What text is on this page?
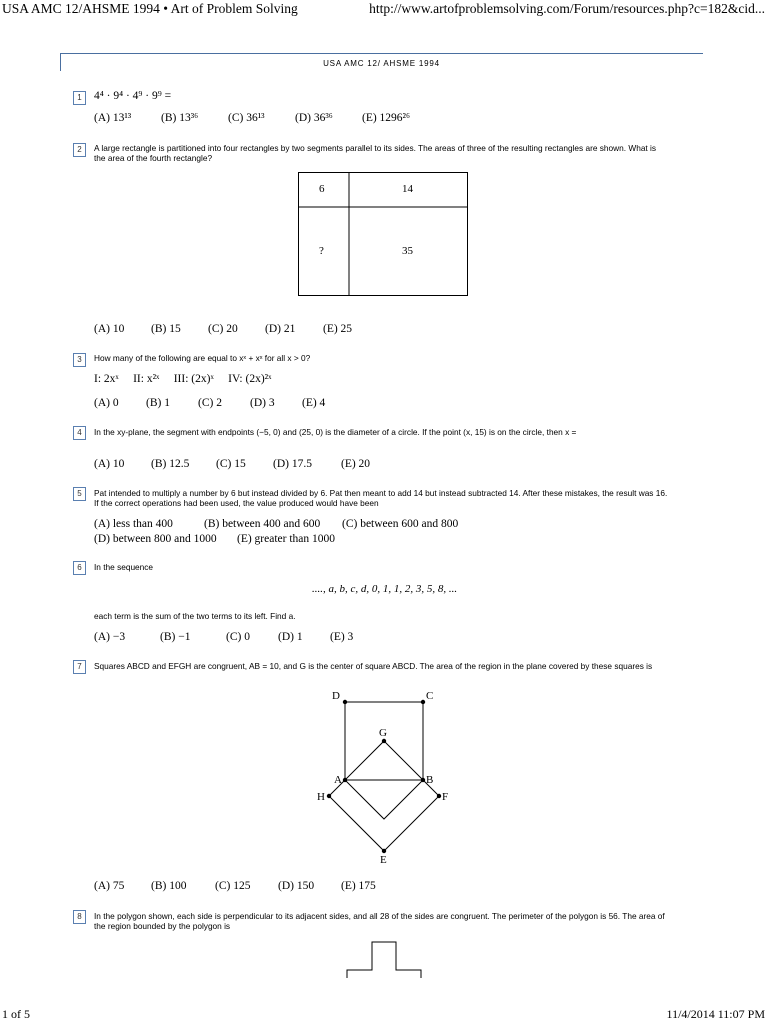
USA AMC 12/AHSME 1994 • Art of Problem Solving	http://www.artofproblemsolving.com/Forum/resources.php?c=182&cid...
USA AMC 12/ AHSME 1994
1	4⁴ · 9⁴ · 4⁹ · 9⁹ =
(A) 13¹³	(B) 13³⁶	(C) 36¹³	(D) 36³⁶	(E) 1296²⁶
2	A large rectangle is partitioned into four rectangles by two segments parallel to its sides. The areas of three of the resulting rectangles are shown. What is the area of the fourth rectangle?
6	14
?	35
(A) 10 (B) 15 (C) 20 (D) 21 (E) 25
3	How many of the following are equal to xˣ + xˣ for all x > 0?
I: 2xˣ     II: x²ˣ     III: (2x)ˣ     IV: (2x)²ˣ
(A) 0 (B) 1 (C) 2 (D) 3 (E) 4
4	In the xy-plane, the segment with endpoints (−5, 0) and (25, 0) is the diameter of a circle. If the point (x, 15) is on the circle, then x =
(A) 10 (B) 12.5 (C) 15 (D) 17.5	(E) 20
5	Pat intended to multiply a number by 6 but instead divided by 6. Pat then meant to add 14 but instead subtracted 14. After these mistakes, the result was 16. If the correct operations had been used, the value produced would have been
(A) less than 400	(B) between 400 and 600 (C) between 600 and 800
(D) between 800 and 1000 (E) greater than 1000
6	In the sequence
...., a, b, c, d, 0, 1, 1, 2, 3, 5, 8, ...
each term is the sum of the two terms to its left. Find a.
(A) −3	(B) −1	(C) 0 (D) 1 (E) 3
7	Squares ABCD and EFGH are congruent, AB = 10, and G is the center of square ABCD. The area of the region in the plane covered by these squares is
D	C
G
A	B
H	F
E
(A) 75 (B) 100 (C) 125 (D) 150 (E) 175
8	In the polygon shown, each side is perpendicular to its adjacent sides, and all 28 of the sides are congruent. The perimeter of the polygon is 56. The area of the region bounded by the polygon is
1 of 5	11/4/2014 11:07 PM
